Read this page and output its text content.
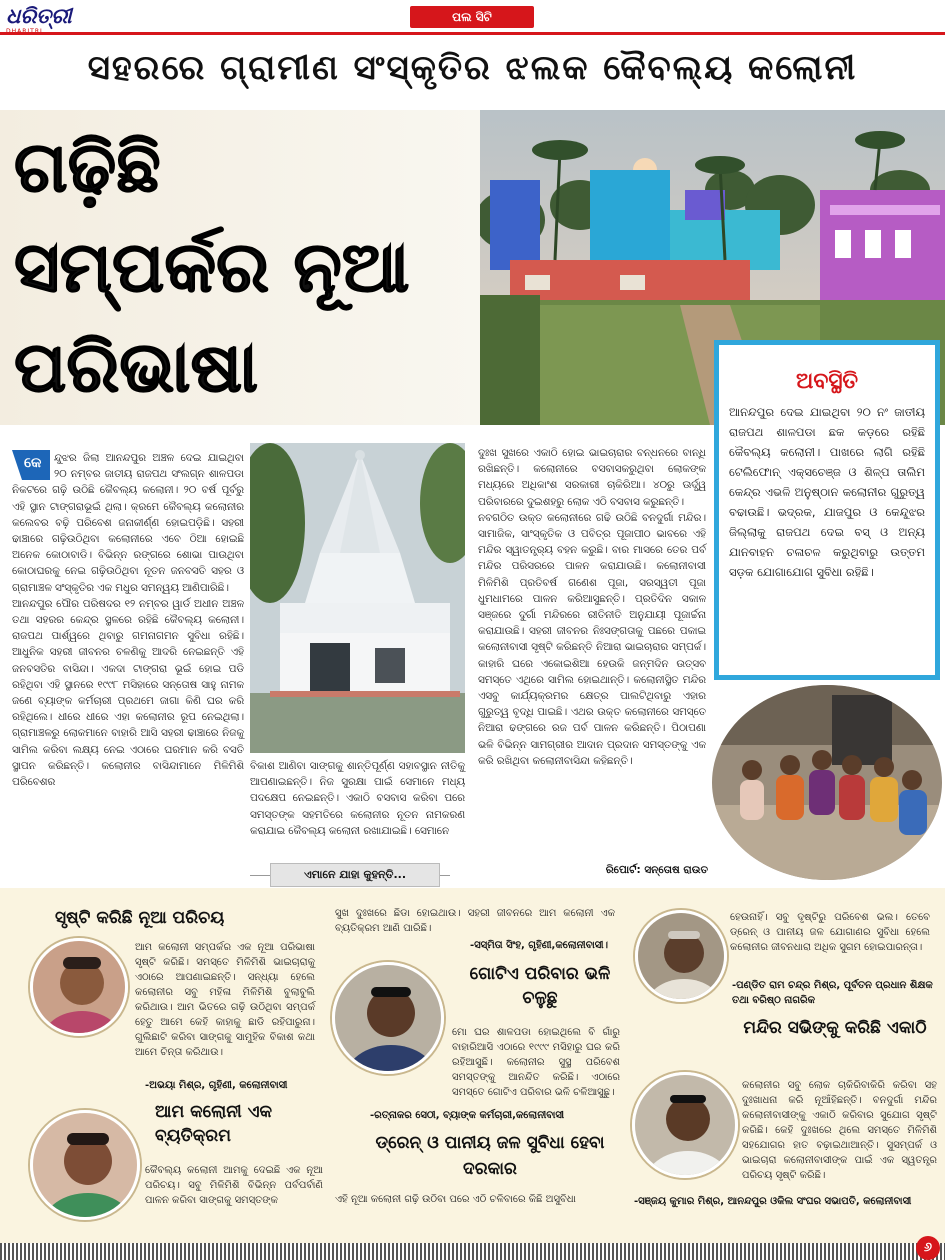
ଧରିତ୍ରୀ	ପଲ ସିଟି
ସହରରେ ଗ୍ରାମୀଣ ସଂସ୍କୃତିର ଝଲକ କୈବଲ୍ୟ କଲୋନୀ
ଗଢ଼ିଛି
ସମ୍ପର୍କର ନୂଆ
ପରିଭାଷା	ଅବସ୍ଥିତି
ଆନନ୍ଦପୁର ଦେଇ ଯାଇଥିବା ୨୦ ନଂ ଜାତୀୟ ରାଜପଥ ଶାଳପଡା ଛକ କଡ଼ରେ ରହିଛି କୈବଲ୍ୟ କଲୋନୀ। ପାଖରେ ଲାଗି ରହିଛି ଟେଲିଫୋନ୍ ଏକ୍ସଚେଞ୍ଜ ଓ ଶିଳ୍ପ ତାଲିମ କେନ୍ଦ୍ର ଏଭଳି ଅନୁଷ୍ଠାନ କଲୋନୀର ଗୁରୁତ୍ୱ ବଢାଉଛି। ଭଦ୍ରକ, ଯାଜପୁର ଓ କେନ୍ଦୁଝର ଜିଲ୍ଲାକୁ ରାଜପଥ ଦେଇ ବସ୍ ଓ ଅନ୍ୟ ଯାନବାହନ ଚଳାଚଳ କରୁଥିବାରୁ ଉତ୍ତମ ସଡ଼କ ଯୋଗାଯୋଗ ସୁବିଧା ରହିଛି।
କେ	ନ୍ଦୁଝର ଜିଲା ଆନନ୍ଦପୁର ଅଞ୍ଚଳ ଦେଇ ଯାଇଥିବା ୨୦ ନମ୍ବର ଜାତୀୟ ରାଜପଥ ସଂଲଗ୍ନ ଶାଳପଡା ନିକଟରେ ଗଢ଼ି ଉଠିଛି କୈବଲ୍ୟ କଲୋନୀ। ୨୦ ବର୍ଷ ପୂର୍ବରୁ ଏହି ସ୍ଥାନ ଟାଙ୍ଗରାଭୂଇଁ ଥିଲା। କ୍ରମେ କୈବଲ୍ୟ କଲୋନୀର କଲେବର ବଢ଼ି ପରିବେଶ ଜନାକୀର୍ଣ୍ଣ ହୋଇପଡ଼ିଛି। ସହରୀ ଢାଞ୍ଚାରେ ଗଢ଼ିଉଠିଥିବା କଲୋନୀରେ ଏବେ ଠିଆ ହୋଇଛି ଅନେକ କୋଠାବାଡି। ବିଭିନ୍ନ ରଙ୍ଗରେ ଶୋଭା ପାଉଥିବା କୋଠାଘରକୁ ନେଇ ଗଢ଼ିଉଠିଥିବା ନୂତନ ଜନବସତି ସହର ଓ ଗ୍ରାମାଞ୍ଚଳ ସଂସ୍କୃତିର ଏକ ମଧୁର ସମନ୍ୱୟ ଆଣିପାରିଛି।
ଆନନ୍ଦପୁର ପୌର ପରିଷଦର ୧୨ ନମ୍ବର ୱାର୍ଡ ଅଧୀନ ଅଞ୍ଚଳ ତଥା ସହରର କେନ୍ଦ୍ର ସ୍ଥଳରେ ରହିଛି କୈବଲ୍ୟ କଲୋନୀ। ରାଜପଥ ପାର୍ଶ୍ୱରେ ଥିବାରୁ ଗମନାଗମନ ସୁବିଧା ରହିଛି। ଆଧୁନିକ ସହରୀ ଜୀବନର ଚଳଣିକୁ ଆଦରି ନେଇଛନ୍ତି ଏହି ଜନବସତିର ବାସିନ୍ଦା। ଏକଦା ଟାଙ୍ଗରା ଭୂଇଁ ହୋଇ ପଡି ରହିଥିବା ଏହି ସ୍ଥାନରେ ୧୯୯୮ ମସିହାରେ ସନ୍ତୋଷ ସାହୁ ନାମକ ଜଣେ ବ୍ୟାଙ୍କ କର୍ମଚାରୀ ପ୍ରଥମେ ଜାଗା କିଣି ଘର କରି ରହିଥିଲେ। ଧୀରେ ଧୀରେ ଏହା କଲୋନୀର ରୂପ ନେଇଥିଲା। ଗ୍ରାମାଞ୍ଚଳରୁ ଲୋକମାନେ ବାହାରି ଆସି ସହରୀ ଢାଞ୍ଚାରେ ନିଜକୁ ସାମିଲ କରିବା ଲକ୍ଷ୍ୟ ନେଇ ଏଠାରେ ଘରମାନ କରି ବସତି ସ୍ଥାପନ କରିଛନ୍ତି। କଲୋନୀର ବାସିନ୍ଦାମାନେ ମିଳିମିଶି ପରିବେଶର
ବିକାଶ ଆଣିବା ସାଙ୍ଗକୁ ଶାନ୍ତିପୂର୍ଣ୍ଣ ସହାବସ୍ଥାନ ନୀତିକୁ ଆପଣାଇଛନ୍ତି। ନିଜ ସୁରକ୍ଷା ପାଇଁ ସେମାନେ ମଧ୍ୟ ପଦକ୍ଷେପ ନେଇଛନ୍ତି। ଏକାଠି ବସବାସ କରିବା ପରେ ସମସ୍ତଙ୍କ ସହମତିରେ କଲୋନୀର ନୂତନ ନାମକରଣ କରାଯାଇ କୈବଲ୍ୟ କଲୋନୀ ରଖାଯାଇଛି। ସେମାନେ
ଦୁଃଖ ସୁଖରେ ଏକାଠି ହୋଇ ଭାଇଚାରାର ବନ୍ଧନରେ ବାନ୍ଧି ରଖିଛନ୍ତି। କଲୋନୀରେ ବସବାସକରୁଥିବା ଲୋକଙ୍କ ମଧ୍ୟରେ ଅଧିକାଂଶ ସରକାରୀ ଚାକିରିଆ। ୪୦ରୁ ଊର୍ଦ୍ଧ୍ୱ ପରିବାରରେ ଦୁଇଶହରୁ ଲୋକ ଏଠି ବସବାସ କରୁଛନ୍ତି।
ନବଗଠିତ ଉକ୍ତ କଲୋନୀରେ ଗଢି ଉଠିଛି ବନଦୁର୍ଗା ମନ୍ଦିର। ସାମାଜିକ, ସାଂସ୍କୃତିକ ଓ ପବିତ୍ର ପୂଜାପୀଠ ଭାବରେ ଏହି ମନ୍ଦିର ସ୍ୱାତନ୍ତ୍ର୍ୟ ବହନ କରୁଛି। ବାର ମାସରେ ତେର ପର୍ବ ମନ୍ଦିର ପରିସରରେ ପାଳନ କରାଯାଉଛି। କଲୋନୀବାସୀ ମିଳିମିଶି ପ୍ରତିବର୍ଷ ଗଣେଶ ପୂଜା, ସରସ୍ୱତୀ ପୂଜା ଧୁମଧାମରେ ପାଳନ କରିଆସୁଛନ୍ତି। ପ୍ରତିଦିନ ସକାଳ ସଞ୍ଜରେ ଦୁର୍ଗା ମନ୍ଦିରରେ ରୀତିନୀତି ଅନୁଯାୟୀ ପୂଜାର୍ଚ୍ଚନା କରାଯାଉଛି। ସହରୀ ଜୀବନର ନିଃସଙ୍ଗତାକୁ ପଛରେ ପକାଇ କଲୋନୀବାସୀ ସୃଷ୍ଟି କରିଛନ୍ତି ନିଆରା ଭାଇଚାରାର ସମ୍ପର୍କ। କାହାରି ଘରେ ଏକୋଇଶିଆ ହେଉକି ଜନ୍ମଦିନ ଉତ୍ସବ ସମସ୍ତେ ଏଥିରେ ସାମିଲ ହୋଇଥାନ୍ତି। କଲୋନୀସ୍ଥିତ ମନ୍ଦିର ଏସବୁ କାର୍ଯ୍ୟକ୍ରମର କ୍ଷେତ୍ର ପାଲଟିଥିବାରୁ ଏହାର ଗୁରୁତ୍ୱ ବୃଦ୍ଧି ପାଇଛି। ଏଥର ଉକ୍ତ କଲୋନୀରେ ସମସ୍ତେ ନିଆରା ଢଙ୍ଗରେ ରଜ ପର୍ବ ପାଳନ କରିଛନ୍ତି। ପିଠାପଣା ଭଳି ବିଭିନ୍ନ ସାମଗ୍ରୀର ଆଦାନ ପ୍ରଦାନ ସମସ୍ତଙ୍କୁ ଏକ କରି ରଖିଥିବା କଲୋନୀବାସିନ୍ଦା କହିଛନ୍ତି।
ରିପୋର୍ଟ: ସନ୍ତୋଷ ରାଉତ
ଏମାନେ ଯାହା କୁହନ୍ତି...
ସୃଷ୍ଟି କରିଛି ନୂଆ ପରିଚୟ
ଆମ କଲୋନୀ ସମ୍ପର୍କର ଏକ ନୂଆ ପରିଭାଷା ସୃଷ୍ଟି କରିଛି। ସମସ୍ତେ ମିଳିମିଶି ଭାଇଚାରାକୁ ଏଠାରେ ଆପଣାଇଛନ୍ତି। ସନ୍ଧ୍ୟା ହେଲେ କଲୋନୀର ସବୁ ମହିଳା ମିଳିମିଶି ବୁଲାବୁଲି କରିଥାଉ। ଆମ ଭିତରେ ଗଢ଼ି ଉଠିଥିବା ସମ୍ପର୍କ ହେତୁ ଆମେ କେହି କାହାକୁ ଛାଡି ରହିପାରୁନା। ଗୁଲିଛାଟି କରିବା ସାଙ୍ଗକୁ ସାମୁହିକ ବିକାଶ କଥା ଆମେ ଚିନ୍ତା କରିଥାଉ।
-ଅଭୟା ମିଶ୍ର, ଗୃହିଣୀ, କଲୋନୀବାସୀ
ଆମ କଲୋନୀ ଏକ ବ୍ୟତିକ୍ରମ
କୈବଲ୍ୟ କଲୋନୀ ଆମକୁ ଦେଇଛି ଏକ ନୂଆ ପରିଚୟ। ସବୁ ମିଳିମିଶି ବିଭିନ୍ନ ପର୍ବପର୍ବାଣି ପାଳନ କରିବା ସାଙ୍ଗକୁ ସମସ୍ତଙ୍କ
ସୁଖ ଦୁଃଖରେ ଛିଡା ହୋଇଥାଉ। ସହରୀ ଜୀବନରେ ଆମ କଲୋନୀ ଏକ ବ୍ୟତିକ୍ରମ ଆଣି ପାରିଛି।
-ସସ୍ମିତା ସିଂହ, ଗୃହିଣୀ,କଲୋନୀବାସୀ।
ଗୋଟିଏ ପରିବାର ଭଳି ଚଳୁଛୁ
ମୋ ଘର ଶାଳପଡା ହୋଇଥିଲେ ବି ଗାଁରୁ ବାହାରିଆସି ଏଠାରେ ୧୯୯୯ ମସିହାରୁ ଘର କରି ରହିଆସୁଛି। କଲୋନୀର ସୁସ୍ଥ ପରିବେଶ ସମସ୍ତଙ୍କୁ ଆନନ୍ଦିତ କରିଛି। ଏଠାରେ ସମସ୍ତେ ଗୋଟିଏ ପରିବାର ଭଳି ଚଳିଆସୁଛୁ।
-ରତ୍ନାକର ସେଠୀ, ବ୍ୟାଙ୍କ କର୍ମଚାରୀ,କଲୋନୀବାସୀ
ଡ୍ରେନ୍ ଓ ପାନୀୟ ଜଳ ସୁବିଧା ହେବା ଦରକାର
ଏହି ନୂଆ କଲୋନୀ ଗଢ଼ି ଉଠିବା ପରେ ଏଠି ଚଳିବାରେ କିଛି ଅସୁବିଧା
ହେଉନାହିଁ। ସବୁ ଦୃଷ୍ଟିରୁ ପରିବେଶ ଭଲ। ତେବେ ଡ୍ରେନ୍ ଓ ପାନୀୟ ଜଳ ଯୋଗାଣର ସୁବିଧା ହେଲେ କଲୋନୀର ଜୀବନଧାରା ଅଧିକ ସୁଗମ ହୋଇପାରନ୍ତା।
-ପଣ୍ଡିତ ରାମ ଚନ୍ଦ୍ର ମିଶ୍ର, ପୂର୍ବତନ ପ୍ରଧାନ ଶିକ୍ଷକ ତଥା ବରିଷ୍ଠ ନାଗରିକ
ମନ୍ଦିର ସଭିଙ୍କୁ କରିଛି ଏକାଠି
କଲୋନୀର ସବୁ ଲୋକ ଚାକିରିବାକିରି କରିବା ସହ ଦୁଃଖାଧନା କରି ନୂଆଁହିଛନ୍ତି। ବନଦୁର୍ଗା ମନ୍ଦିର କଲୋନୀବାସୀଙ୍କୁ ଏକାଠି କରିବାର ସୁଯୋଗ ସୃଷ୍ଟି କରିଛି। କେହି ଦୁଃଖରେ ଥିଲେ ସମସ୍ତେ ମିଳିମିଶି ସହଯୋଗର ହାତ ବଢ଼ାଇଥାଆନ୍ତି। ସୁସମ୍ପର୍କ ଓ ଭାଇଚାରା କଲୋନୀବାସୀଙ୍କ ପାଇଁ ଏକ ସ୍ୱତନ୍ତ୍ର ପରିଚୟ ସୃଷ୍ଟି କରିଛି।
-ସଞ୍ଜୟ କୁମାର ମିଶ୍ର, ଆନନ୍ଦପୁର ଓକିଲ ସଂଘର ସଭାପତି, କଲୋନୀବାସୀ
୬
